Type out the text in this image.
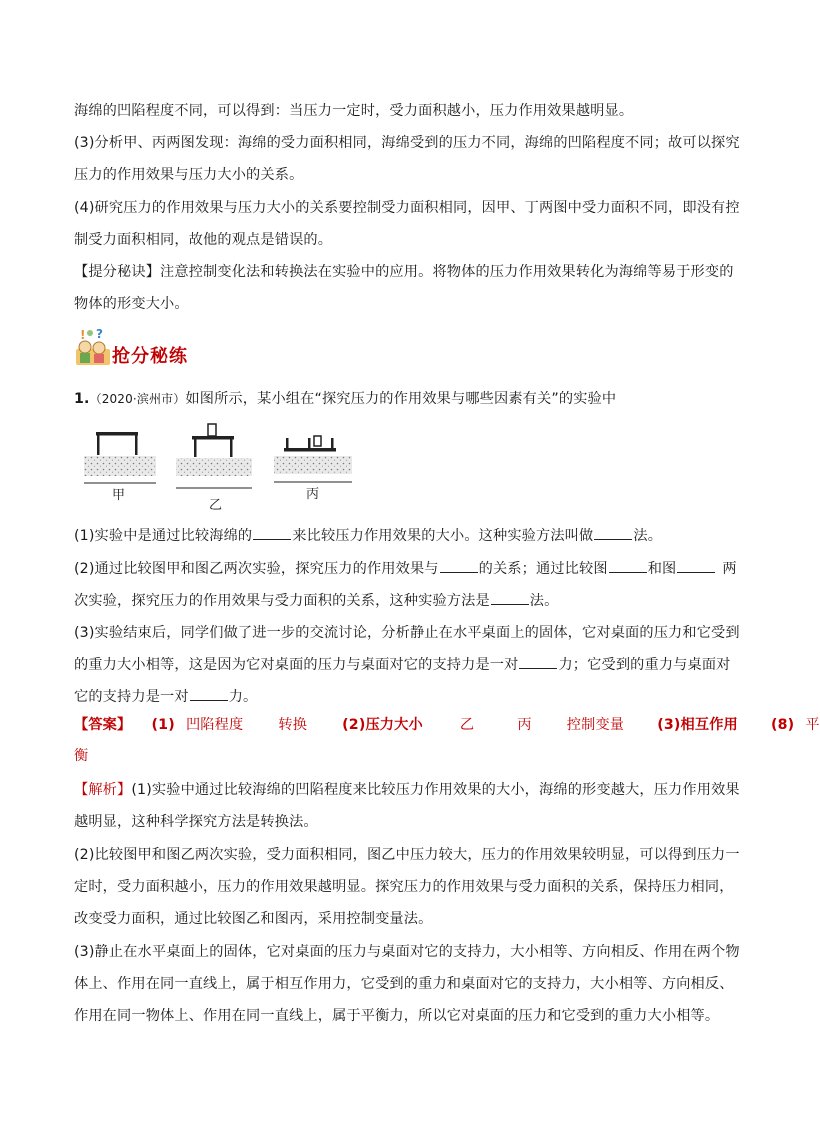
海绵的凹陷程度不同，可以得到：当压力一定时，受力面积越小，压力作用效果越明显。
(3)分析甲、丙两图发现：海绵的受力面积相同，海绵受到的压力不同，海绵的凹陷程度不同；故可以探究
压力的作用效果与压力大小的关系。
(4)研究压力的作用效果与压力大小的关系要控制受力面积相同，因甲、丁两图中受力面积不同，即没有控
制受力面积相同，故他的观点是错误的。
【提分秘诀】注意控制变化法和转换法在实验中的应用。将物体的压力作用效果转化为海绵等易于形变的
物体的形变大小。
! ?
抢分秘练
1.（2020·滨州市）如图所示，某小组在“探究压力的作用效果与哪些因素有关”的实验中
甲
乙
丙
(1)实验中是通过比较海绵的	来比较压力作用效果的大小。这种实验方法叫做	法。
(2)通过比较图甲和图乙两次实验，探究压力的作用效果与	的关系；通过比较图	和图	两
次实验，探究压力的作用效果与受力面积的关系，这种实验方法是	法。
(3)实验结束后，同学们做了进一步的交流讨论，分析静止在水平桌面上的固体，它对桌面的压力和它受到
的重力大小相等，这是因为它对桌面的压力与桌面对它的支持力是一对	力；它受到的重力与桌面对
它的支持力是一对	力。
【答案】 (1) 凹陷程度 转换 (2)压力大小	乙	丙 控制变量 (3)相互作用 (8) 平
衡
【解析】(1)实验中通过比较海绵的凹陷程度来比较压力作用效果的大小，海绵的形变越大，压力作用效果
越明显，这种科学探究方法是转换法。
(2)比较图甲和图乙两次实验，受力面积相同，图乙中压力较大，压力的作用效果较明显，可以得到压力一
定时，受力面积越小，压力的作用效果越明显。探究压力的作用效果与受力面积的关系，保持压力相同，
改变受力面积，通过比较图乙和图丙，采用控制变量法。
(3)静止在水平桌面上的固体，它对桌面的压力与桌面对它的支持力，大小相等、方向相反、作用在两个物
体上、作用在同一直线上，属于相互作用力，它受到的重力和桌面对它的支持力，大小相等、方向相反、
作用在同一物体上、作用在同一直线上，属于平衡力，所以它对桌面的压力和它受到的重力大小相等。
